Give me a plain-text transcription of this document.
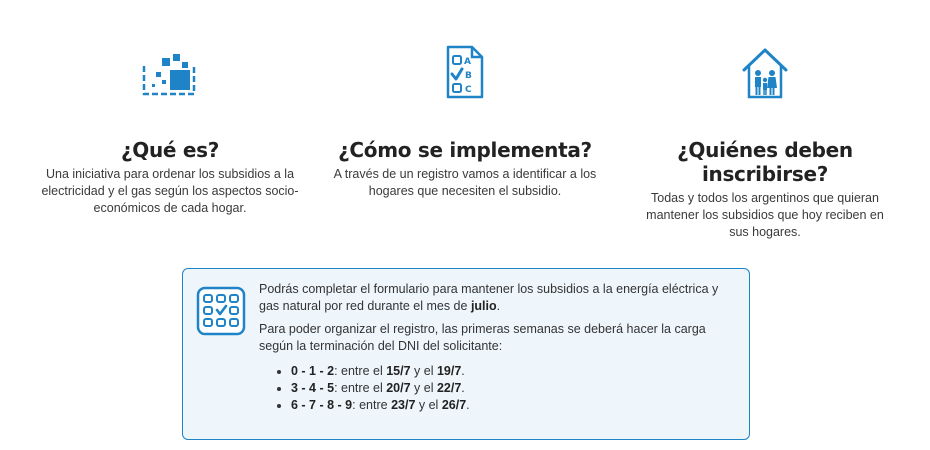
¿Qué es?

Una iniciativa para ordenar los subsidios a la electricidad y el gas según los aspectos socio-económicos de cada hogar.

A
B
C
¿Cómo se implementa?

A través de un registro vamos a identificar a los hogares que necesiten el subsidio.

¿Quiénes deben inscribirse?

Todas y todos los argentinos que quieran mantener los subsidios que hoy reciben en sus hogares.

Podrás completar el formulario para mantener los subsidios a la energía eléctrica y gas natural por red durante el mes de julio.

Para poder organizar el registro, las primeras semanas se deberá hacer la carga según la terminación del DNI del solicitante:

• 0 - 1 - 2: entre el 15/7 y el 19/7.
• 3 - 4 - 5: entre el 20/7 y el 22/7.
• 6 - 7 - 8 - 9: entre 23/7 y el 26/7.
